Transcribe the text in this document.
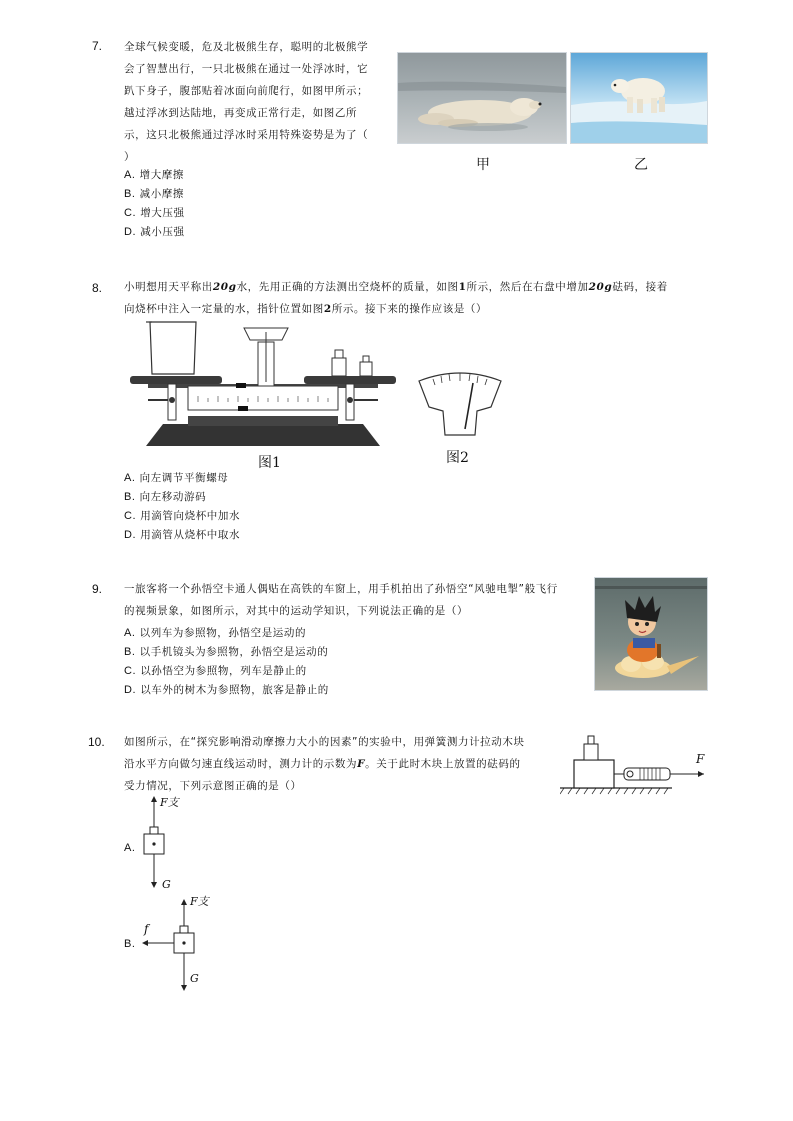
7. 全球气候变暖，危及北极熊生存，聪明的北极熊学
会了智慧出行，一只北极熊在通过一处浮冰时，它
趴下身子，腹部贴着冰面向前爬行，如图甲所示；
越过浮冰到达陆地，再变成正常行走，如图乙所
示，这只北极熊通过浮冰时采用特殊姿势是为了（
）	甲	乙
A. 增大摩擦
B. 减小摩擦
C. 增大压强
D. 减小压强
8. 小明想用天平称出20g水，先用正确的方法测出空烧杯的质量，如图1所示，然后在右盘中增加20g砝码，接着
向烧杯中注入一定量的水，指针位置如图2所示。接下来的操作应该是（）
图1	图2
A. 向左调节平衡螺母
B. 向左移动游码
C. 用滴管向烧杯中加水
D. 用滴管从烧杯中取水
9. 一旅客将一个孙悟空卡通人偶贴在高铁的车窗上，用手机拍出了孙悟空“风驰电掣”般飞行
的视频景象，如图所示，对其中的运动学知识，下列说法正确的是（）
A. 以列车为参照物，孙悟空是运动的
B. 以手机镜头为参照物，孙悟空是运动的
C. 以孙悟空为参照物，列车是静止的
D. 以车外的树木为参照物，旅客是静止的
10. 如图所示，在“探究影响滑动摩擦力大小的因素”的实验中，用弹簧测力计拉动木块
沿水平方向做匀速直线运动时，测力计的示数为F。关于此时木块上放置的砝码的
受力情况，下列示意图正确的是（）
F
A.
F支
G
B.
F支
f
G
